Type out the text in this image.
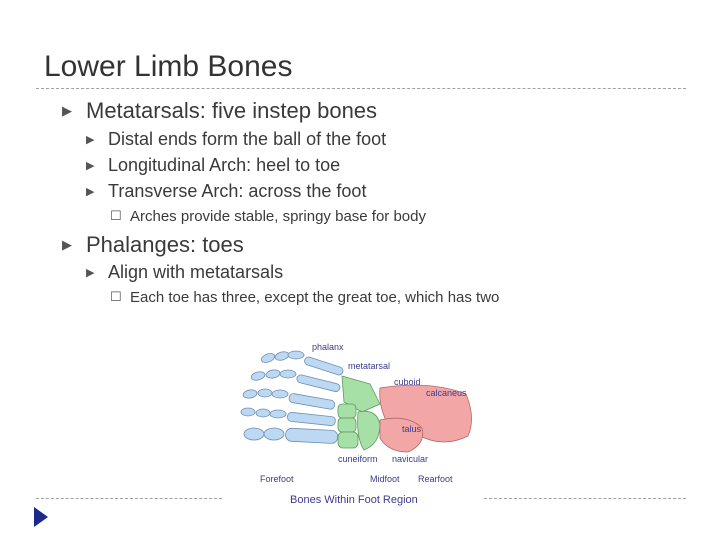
Lower Limb Bones
▶ Metatarsals: five instep bones
▶ Distal ends form the ball of the foot
▶ Longitudinal Arch: heel to toe
▶ Transverse Arch: across the foot
☐ Arches provide stable, springy base for body
▶ Phalanges: toes
▶ Align with metatarsals
☐ Each toe has three, except the great toe, which has two
phalanx
metatarsal
cuboid
calcaneus
talus
cuneiform navicular
Forefoot	Midfoot Rearfoot
Bones Within Foot Region
